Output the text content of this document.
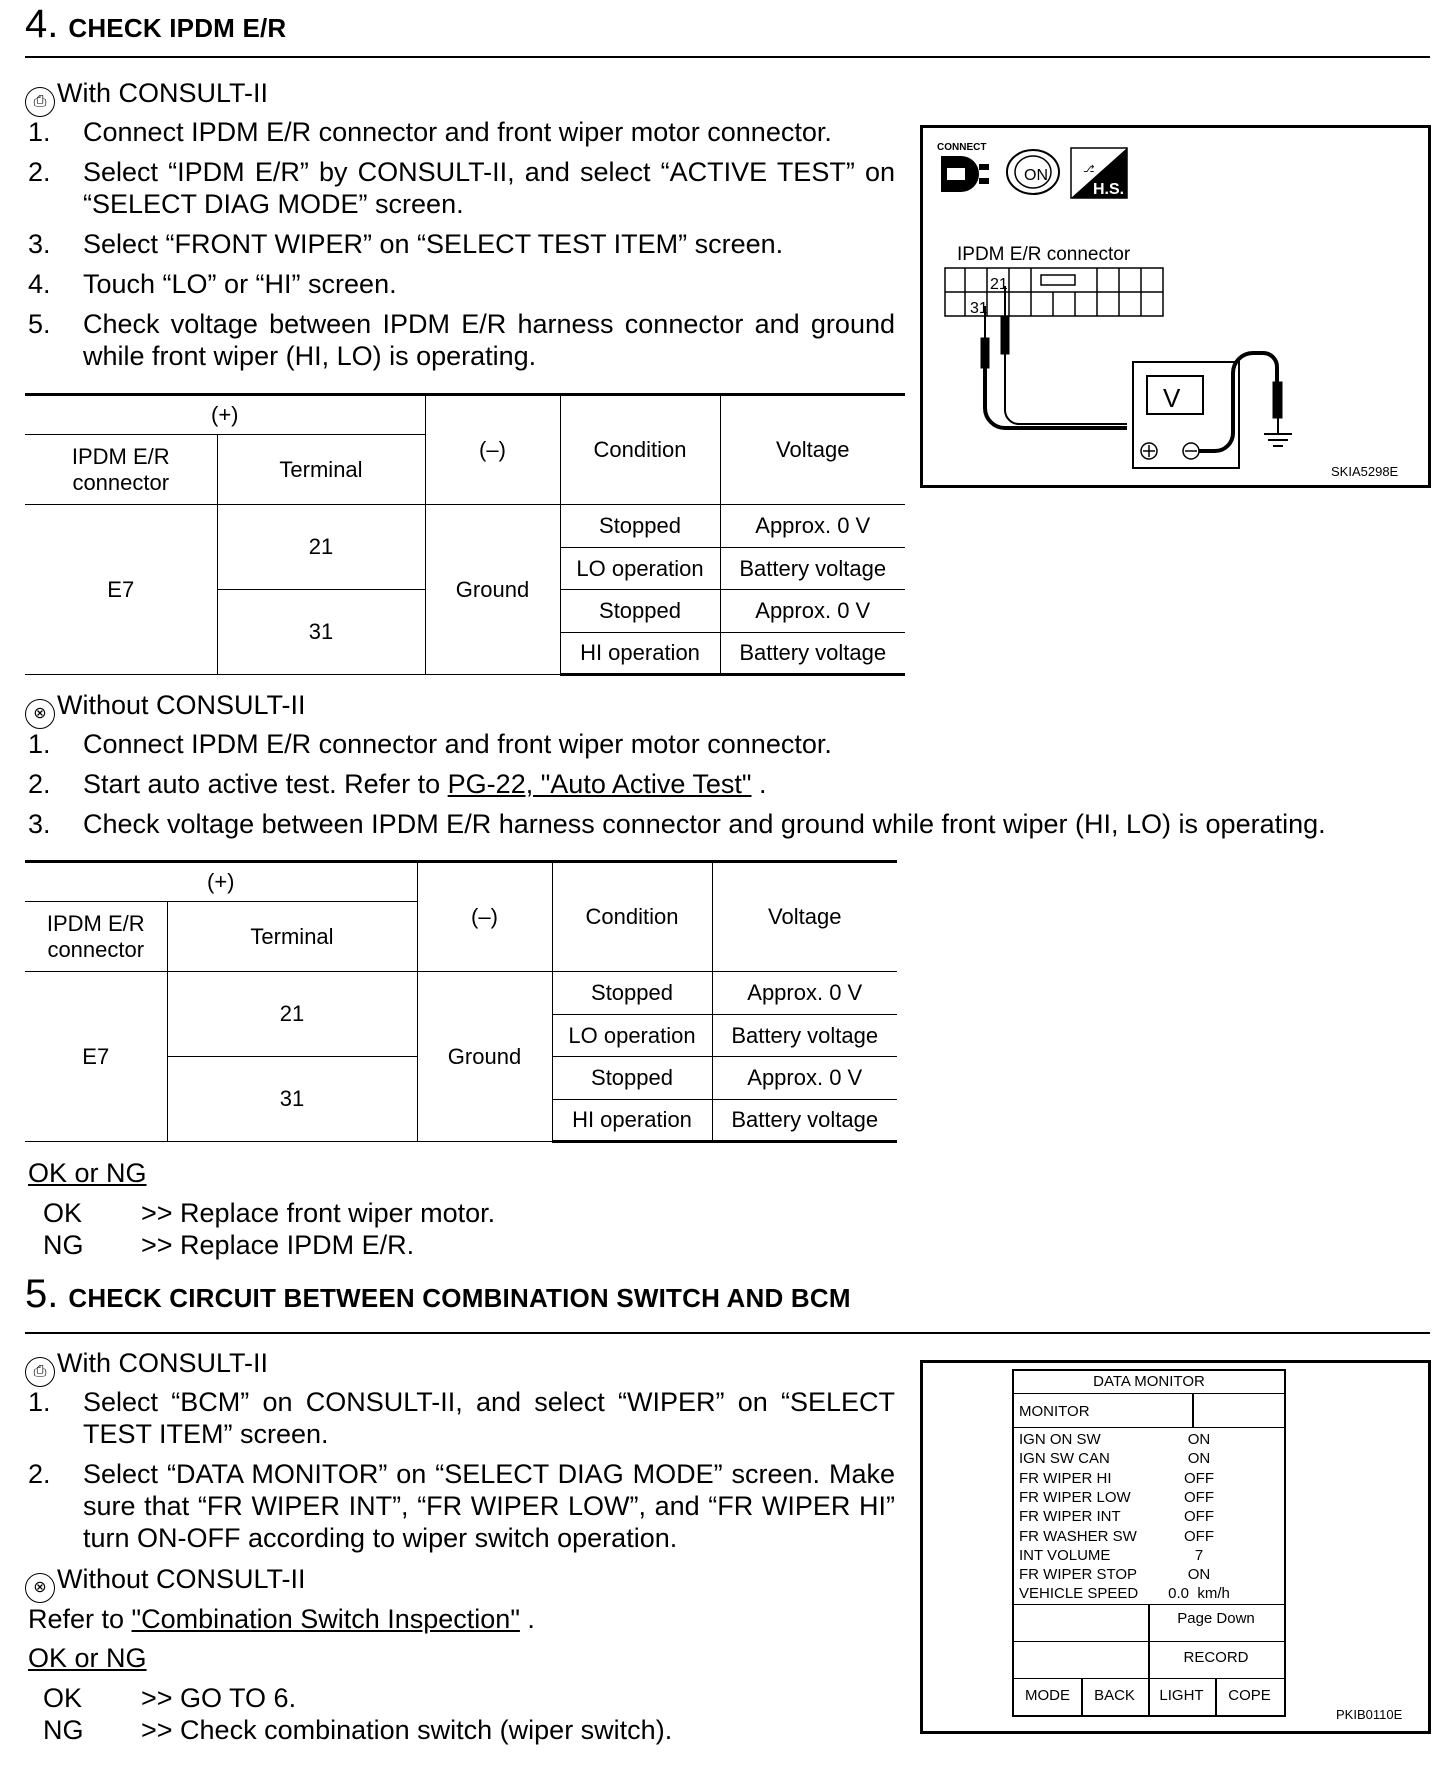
4. CHECK IPDM E/R
⎙ With CONSULT-II
1. Connect IPDM E/R connector and front wiper motor connector.
2. Select “IPDM E/R” by CONSULT-II, and select “ACTIVE TEST” on “SELECT DIAG MODE” screen.
3. Select “FRONT WIPER” on “SELECT TEST ITEM” screen.
4. Touch “LO” or “HI” screen.
5. Check voltage between IPDM E/R harness connector and ground while front wiper (HI, LO) is operating.
CONNECT
ON	⎇
H.S.
IPDM E/R connector
21
31
V
SKIA5298E
(+)		(–)	Condition	Voltage
IPDM E/R connector	Terminal			
E7	21	Ground	Stopped	Approx. 0 V
			LO operation	Battery voltage
	31		Stopped	Approx. 0 V
			HI operation	Battery voltage
⊗ Without CONSULT-II
1. Connect IPDM E/R connector and front wiper motor connector.
2. Start auto active test. Refer to PG-22, "Auto Active Test" .
3. Check voltage between IPDM E/R harness connector and ground while front wiper (HI, LO) is operating.
(+)		(–)	Condition	Voltage
IPDM E/R connector	Terminal			
E7	21	Ground	Stopped	Approx. 0 V
			LO operation	Battery voltage
	31		Stopped	Approx. 0 V
			HI operation	Battery voltage
OK or NG
OK >> Replace front wiper motor.
NG >> Replace IPDM E/R.
5. CHECK CIRCUIT BETWEEN COMBINATION SWITCH AND BCM
⎙ With CONSULT-II
1. Select “BCM” on CONSULT-II, and select “WIPER” on “SELECT TEST ITEM” screen.
2. Select “DATA MONITOR” on “SELECT DIAG MODE” screen. Make sure that “FR WIPER INT”, “FR WIPER LOW”, and “FR WIPER HI” turn ON-OFF according to wiper switch operation.
⊗ Without CONSULT-II
Refer to "Combination Switch Inspection" .
OK or NG
OK >> GO TO 6.
NG >> Check combination switch (wiper switch).
DATA MONITOR
MONITOR
IGN ON SW	ON
IGN SW CAN	ON
FR WIPER HI	OFF
FR WIPER LOW	OFF
FR WIPER INT	OFF
FR WASHER SW	OFF
INT VOLUME	7
FR WIPER STOP	ON
VEHICLE SPEED 0.0  km/h
Page Down
RECORD
MODE	BACK	LIGHT	COPE
PKIB0110E
